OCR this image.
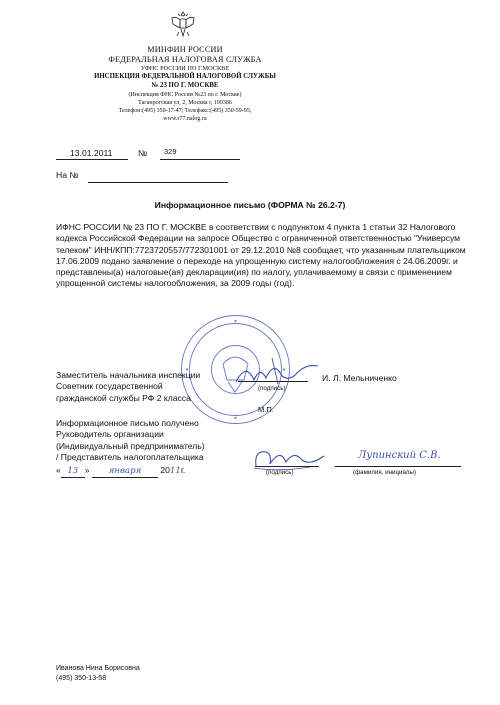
МИНФИН РОССИИ
ФЕДЕРАЛЬНАЯ НАЛОГОВАЯ СЛУЖБА
УФНС РОССИИ ПО Г.МОСКВЕ
ИНСПЕКЦИЯ ФЕДЕРАЛЬНОЙ НАЛОГОВОЙ СЛУЖБЫ
№ 23 ПО Г. МОСКВЕ
(Инспекция ФНС России №23 по г. Москве)
Таганрогская ул, 2, Москва г, 109386
Телефон:(495) 350-17-47; Телефакс:(495) 350-59-95;
www.r77.nalog.ru
13.01.2011	№ 329
На №
Информационное письмо (ФОРМА № 26.2-7)
ИФНС РОССИИ № 23 ПО Г. МОСКВЕ в соответствии с подпунктом 4 пункта 1 статьи 32 Налогового кодекса Российской Федерации на запросе Общество с ограниченной ответственностью "Универсум телеком" ИНН/КПП:7723720557/772301001 от 29.12.2010 №8 сообщает, что указанным плательщиком 17.06.2009 подано заявление о переходе на упрощенную систему налогообложения с 24.06.2009г. и представлены(а) налоговые(ая) декларации(ия) по налогу, уплачиваемому в связи с применением упрощенной системы налогообложения, за 2009 годы (год).
Заместитель начальника инспекции
Советник государственной
гражданской службы РФ 2 класса
(подпись)
И. Л. Мельниченко
М.П.
Информационное письмо получено
Руководитель организации
(Индивидуальный предприниматель)
/ Представитель налогоплательщика
« 13 » января 2011г.	(подпись)
Лупинский С.В.
(фамилия, инициалы)
Иванова Нина Борисовна
(495) 350-13-58
